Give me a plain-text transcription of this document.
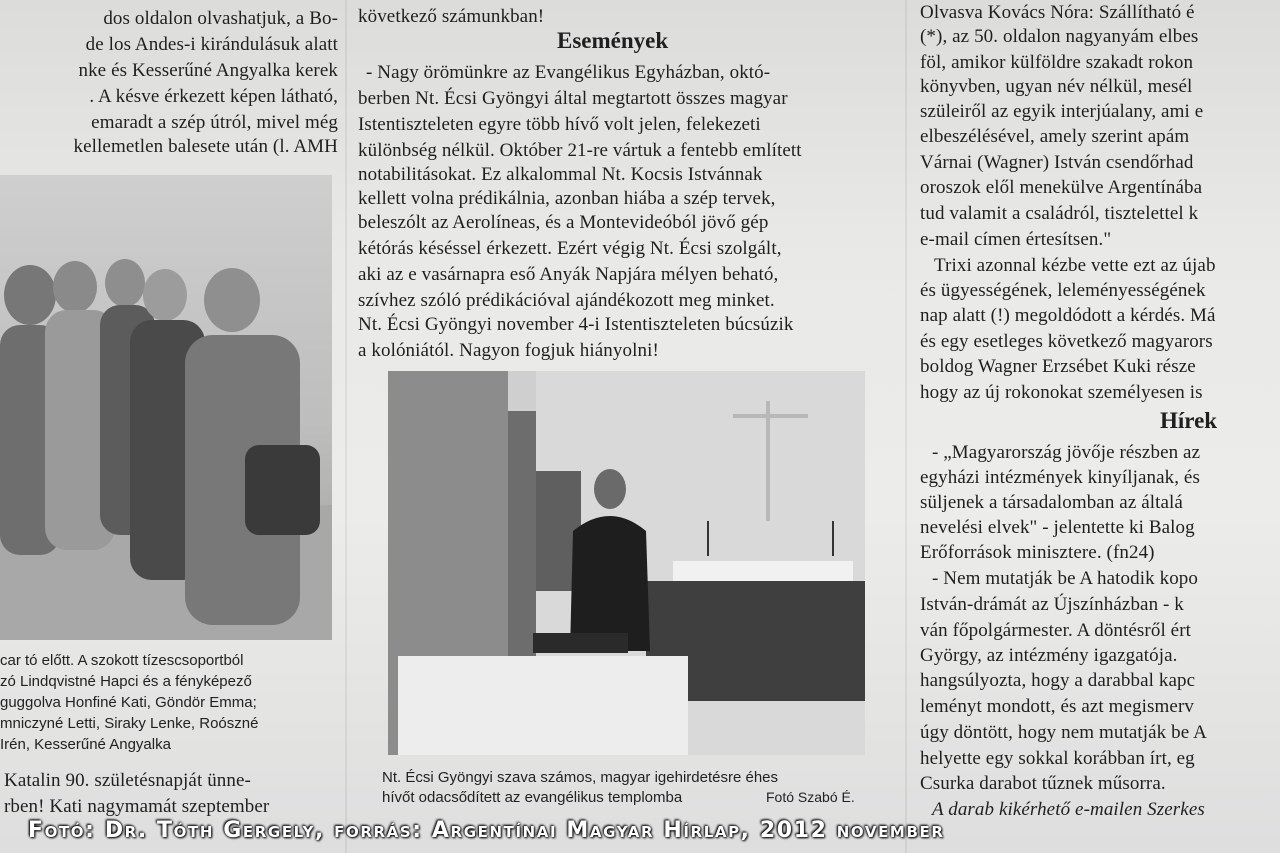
dos oldalon olvashatjuk, a Bo-
de los Andes-i kirándulásuk alatt
nke és Kesserűné Angyalka kerek
. A késve érkezett képen látható,
emaradt a szép útról, mivel még
kellemetlen balesete után (l. AMH
car tó előtt. A szokott tízescsoportból
zó Lindqvistné Hapci és a fényképező
guggolva Honfiné Kati, Göndör Emma;
mniczyné Letti, Siraky Lenke, Roószné
Irén, Kesserűné Angyalka
Katalin 90. születésnapját ünne-
rben! Kati nagymamát szeptember
következő számunkban!
Események
- Nagy örömünkre az Evangélikus Egyházban, októ-
berben Nt. Écsi Gyöngyi által megtartott összes magyar
Istentiszteleten egyre több hívő volt jelen, felekezeti
különbség nélkül. Október 21-re vártuk a fentebb említett
notabilitásokat. Ez alkalommal Nt. Kocsis Istvánnak
kellett volna prédikálnia, azonban hiába a szép tervek,
beleszólt az Aerolíneas, és a Montevideóból jövő gép
kétórás késéssel érkezett. Ezért végig Nt. Écsi szolgált,
aki az e vasárnapra eső Anyák Napjára mélyen beható,
szívhez szóló prédikációval ajándékozott meg minket.
Nt. Écsi Gyöngyi november 4-i Istentiszteleten búcsúzik
a kolóniától. Nagyon fogjuk hiányolni!
Nt. Écsi Gyöngyi szava számos, magyar igehirdetésre éhes
hívőt odacsődített az evangélikus templomba	Fotó Szabó É.
Olvasva Kovács Nóra: Szállítható é
(*), az 50. oldalon nagyanyám elbes
föl, amikor külföldre szakadt rokon
könyvben, ugyan név nélkül, mesél
szüleiről az egyik interjúalany, ami e
elbeszélésével, amely szerint apám
Várnai (Wagner) István csendőrhad
oroszok elől menekülve Argentínába
tud valamit a családról, tisztelettel k
e-mail címen értesítsen."
Trixi azonnal kézbe vette ezt az újab
és ügyességének, leleményességének
nap alatt (!) megoldódott a kérdés. Má
és egy esetleges következő magyarors
boldog Wagner Erzsébet Kuki része
hogy az új rokonokat személyesen is
Hírek
- „Magyarország jövője részben az
egyházi intézmények kinyíljanak, és
süljenek a társadalomban az általá
nevelési elvek" - jelentette ki Balog
Erőforrások minisztere. (fn24)
- Nem mutatják be A hatodik kopo
István-drámát az Újszínházban - k
ván főpolgármester. A döntésről ért
György, az intézmény igazgatója.
hangsúlyozta, hogy a darabbal kapc
leményt mondott, és azt megismerv
úgy döntött, hogy nem mutatják be A
helyette egy sokkal korábban írt, eg
Csurka darabot tűznek műsorra.
A darab kikérhető e-mailen Szerkes
Fotó: Dr. Tóth Gergely, forrás: Argentínai Magyar Hírlap, 2012 november
